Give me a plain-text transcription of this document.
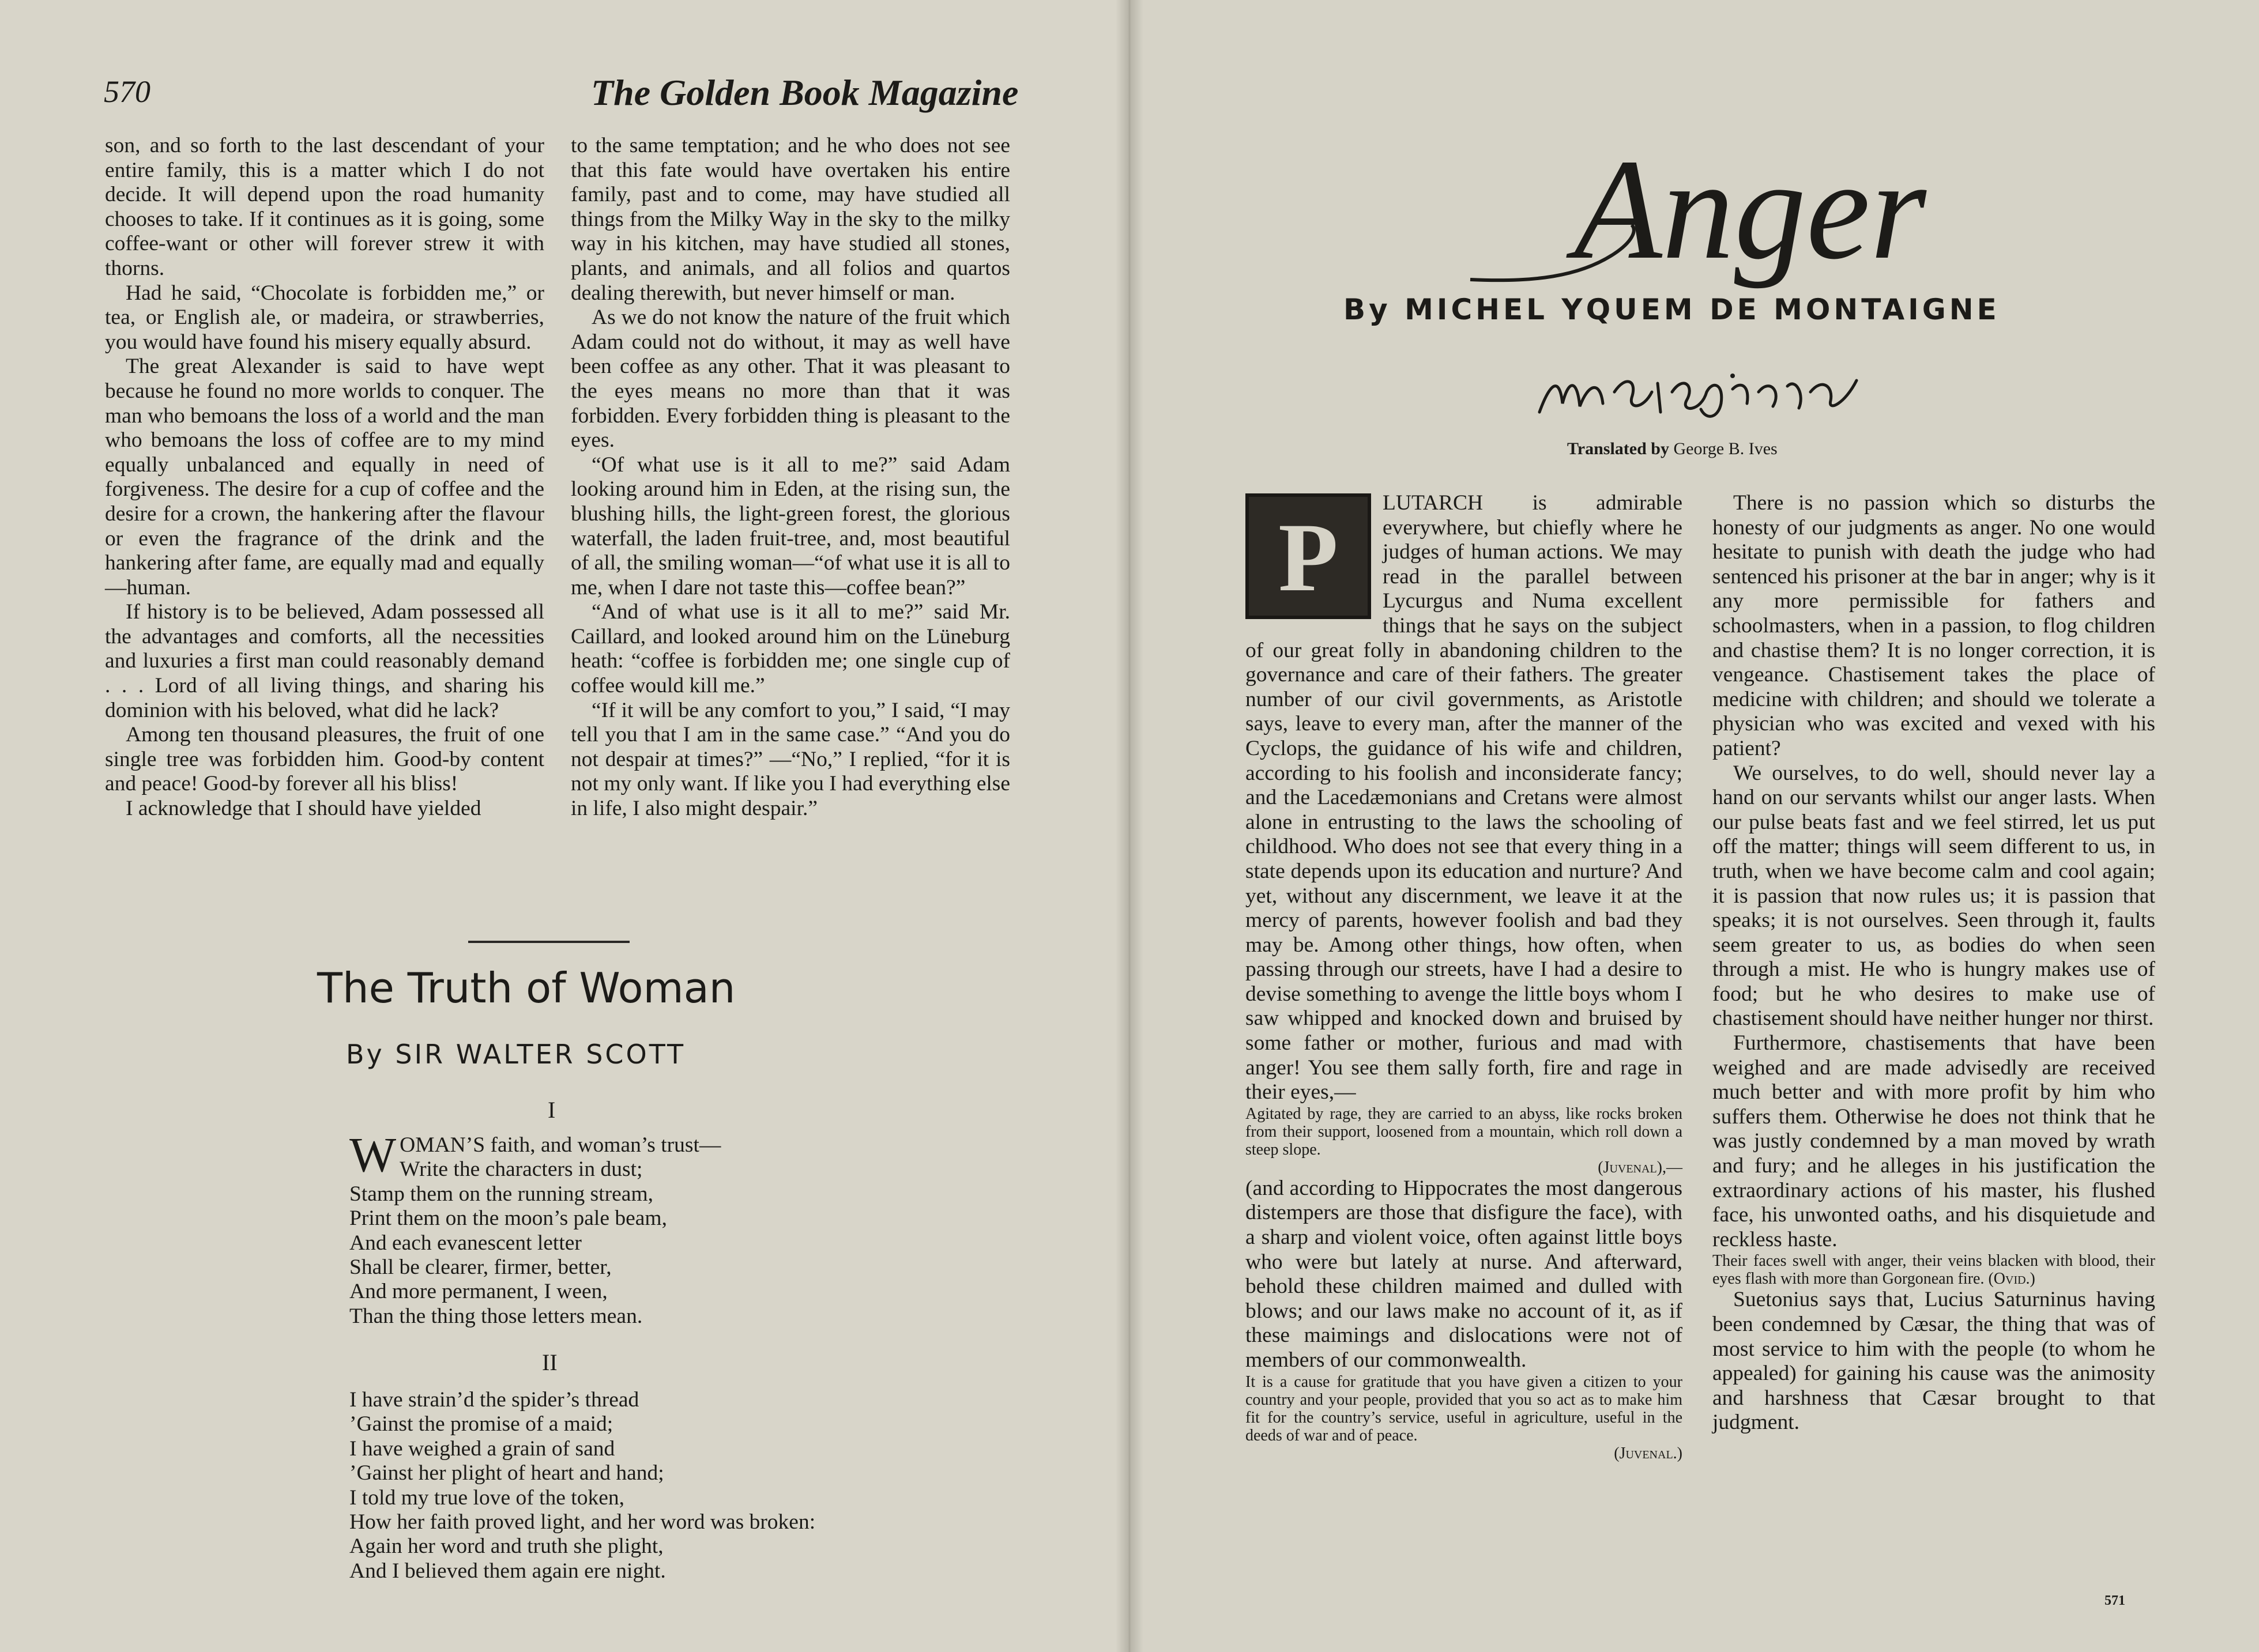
570	The Golden Book Magazine

son, and so forth to the last descendant of your entire family, this is a matter which I do not decide. It will depend upon the road humanity chooses to take. If it continues as it is going, some coffee-want or other will forever strew it with thorns.

Had he said, “Chocolate is forbidden me,” or tea, or English ale, or madeira, or strawberries, you would have found his misery equally absurd.

The great Alexander is said to have wept because he found no more worlds to conquer. The man who bemoans the loss of a world and the man who bemoans the loss of coffee are to my mind equally unbalanced and equally in need of forgiveness. The desire for a cup of coffee and the desire for a crown, the hankering after the flavour or even the fragrance of the drink and the hankering after fame, are equally mad and equally—human.

If history is to be believed, Adam possessed all the advantages and comforts, all the necessities and luxuries a first man could reasonably demand . . . Lord of all living things, and sharing his dominion with his beloved, what did he lack?

Among ten thousand pleasures, the fruit of one single tree was forbidden him. Good-by content and peace! Good-by forever all his bliss!

I acknowledge that I should have yielded

to the same temptation; and he who does not see that this fate would have overtaken his entire family, past and to come, may have studied all things from the Milky Way in the sky to the milky way in his kitchen, may have studied all stones, plants, and animals, and all folios and quartos dealing therewith, but never himself or man.

As we do not know the nature of the fruit which Adam could not do without, it may as well have been coffee as any other. That it was pleasant to the eyes means no more than that it was forbidden. Every forbidden thing is pleasant to the eyes.

“Of what use is it all to me?” said Adam looking around him in Eden, at the rising sun, the blushing hills, the light-green forest, the glorious waterfall, the laden fruit-tree, and, most beautiful of all, the smiling woman—“of what use it is all to me, when I dare not taste this—coffee bean?”

“And of what use is it all to me?” said Mr. Caillard, and looked around him on the Lüneburg heath: “coffee is forbidden me; one single cup of coffee would kill me.”

“If it will be any comfort to you,” I said, “I may tell you that I am in the same case.” “And you do not despair at times?” —“No,” I replied, “for it is not my only want. If like you I had everything else in life, I also might despair.”

The Truth of Woman
By SIR WALTER SCOTT
I
W OMAN’S faith, and woman’s trust—
Write the characters in dust;
Stamp them on the running stream,
Print them on the moon’s pale beam,
And each evanescent letter
Shall be clearer, firmer, better,
And more permanent, I ween,
Than the thing those letters mean.
II
I have strain’d the spider’s thread
’Gainst the promise of a maid;
I have weighed a grain of sand
’Gainst her plight of heart and hand;
I told my true love of the token,
How her faith proved light, and her word was broken:
Again her word and truth she plight,
And I believed them again ere night.
Anger
By MICHEL YQUEM DE MONTAIGNE
Translated by George B. Ives
P

LUTARCH is admirable everywhere, but chiefly where he judges of human actions. We may read in the parallel between Lycurgus and Numa excellent things that he says on the subject of our great folly in abandoning children to the governance and care of their fathers. The greater number of our civil governments, as Aristotle says, leave to every man, after the manner of the Cyclops, the guidance of his wife and children, according to his foolish and inconsiderate fancy; and the Lacedæmonians and Cretans were almost alone in entrusting to the laws the schooling of childhood. Who does not see that every thing in a state depends upon its education and nurture? And yet, without any discernment, we leave it at the mercy of parents, however foolish and bad they may be. Among other things, how often, when passing through our streets, have I had a desire to devise something to avenge the little boys whom I saw whipped and knocked down and bruised by some father or mother, furious and mad with anger! You see them sally forth, fire and rage in their eyes,—

Agitated by rage, they are carried to an abyss, like rocks broken from their support, loosened from a mountain, which roll down a steep slope.
(Juvenal),—

(and according to Hippocrates the most dangerous distempers are those that disfigure the face), with a sharp and violent voice, often against little boys who were but lately at nurse. And afterward, behold these children maimed and dulled with blows; and our laws make no account of it, as if these maimings and dislocations were not of members of our commonwealth.

It is a cause for gratitude that you have given a citizen to your country and your people, provided that you so act as to make him fit for the country’s service, useful in agriculture, useful in the deeds of war and of peace.
(Juvenal.)

There is no passion which so disturbs the honesty of our judgments as anger. No one would hesitate to punish with death the judge who had sentenced his prisoner at the bar in anger; why is it any more permissible for fathers and schoolmasters, when in a passion, to flog children and chastise them? It is no longer correction, it is vengeance. Chastisement takes the place of medicine with children; and should we tolerate a physician who was excited and vexed with his patient?

We ourselves, to do well, should never lay a hand on our servants whilst our anger lasts. When our pulse beats fast and we feel stirred, let us put off the matter; things will seem different to us, in truth, when we have become calm and cool again; it is passion that now rules us; it is passion that speaks; it is not ourselves. Seen through it, faults seem greater to us, as bodies do when seen through a mist. He who is hungry makes use of food; but he who desires to make use of chastisement should have neither hunger nor thirst.

Furthermore, chastisements that have been weighed and are made advisedly are received much better and with more profit by him who suffers them. Otherwise he does not think that he was justly condemned by a man moved by wrath and fury; and he alleges in his justification the extraordinary actions of his master, his flushed face, his unwonted oaths, and his disquietude and reckless haste.

Their faces swell with anger, their veins blacken with blood, their eyes flash with more than Gorgonean fire. (Ovid.)

Suetonius says that, Lucius Saturninus having been condemned by Cæsar, the thing that was of most service to him with the people (to whom he appealed) for gaining his cause was the animosity and harshness that Cæsar brought to that judgment.

571
